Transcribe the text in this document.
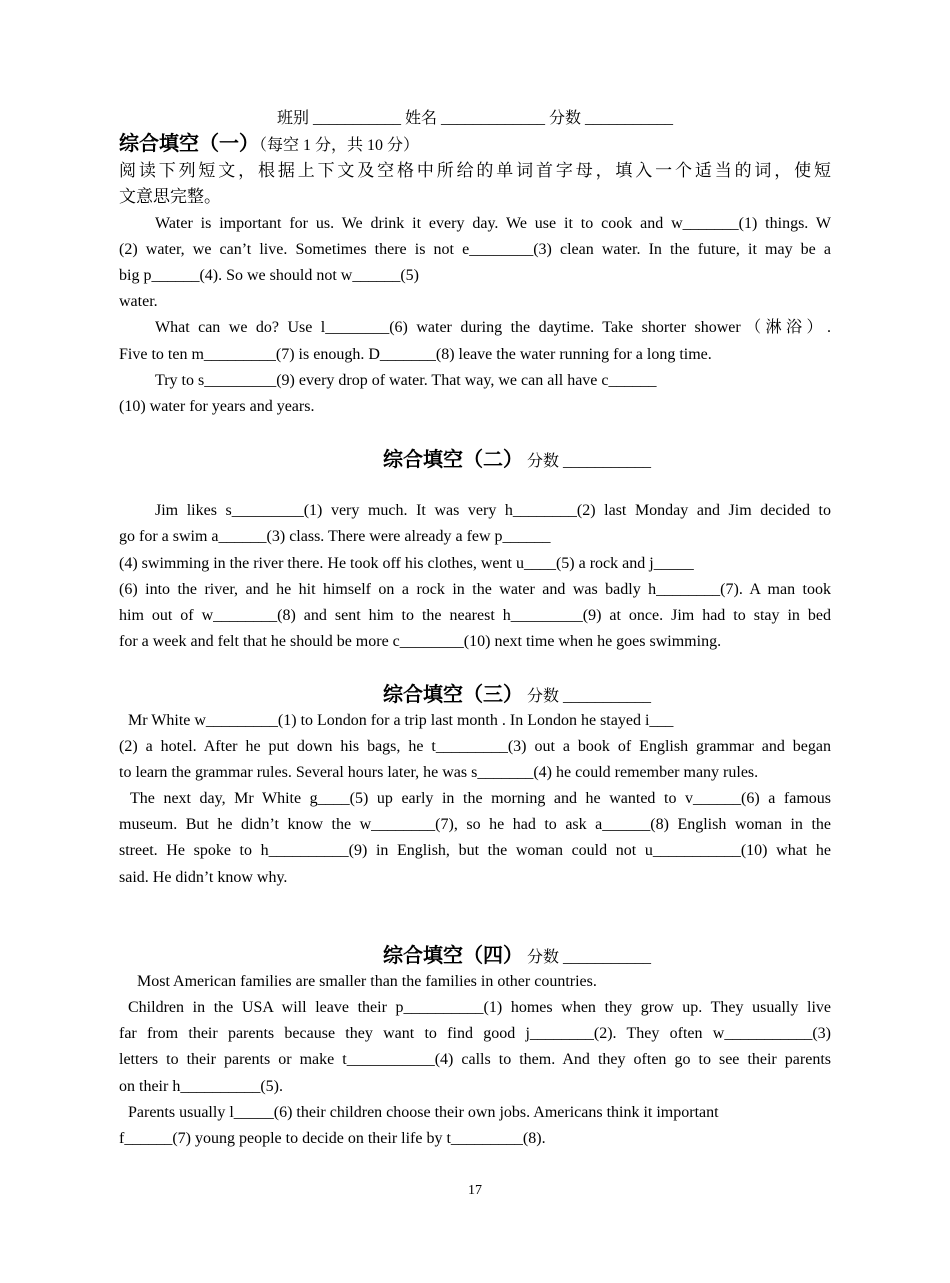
班别 ___________ 姓名 _____________ 分数 ___________
综合填空（一）（每空 1 分，共 10 分）
阅读下列短文，根据上下文及空格中所给的单词首字母，填入一个适当的词，使短
文意思完整。
Water is important for us. We drink it every day. We use it to cook and w_______(1) things. W
(2) water, we can’t live. Sometimes there is not e________(3) clean water. In the future, it may be a
big p______(4). So we should not w______(5)
water.
What can we do? Use l________(6) water during the daytime. Take shorter shower（淋浴）.
Five to ten m_________(7) is enough. D_______(8) leave the water running for a long time.
Try to s_________(9) every drop of water. That way, we can all have c______
(10) water for years and years.
综合填空（二） 分数 ___________
Jim likes s_________(1) very much. It was very h________(2) last Monday and Jim decided to
go for a swim a______(3) class. There were already a few p______
(4) swimming in the river there. He took off his clothes, went u____(5) a rock and j_____
(6) into the river, and he hit himself on a rock in the water and was badly h________(7). A man took
him out of w________(8) and sent him to the nearest h_________(9) at once. Jim had to stay in bed
for a week and felt that he should be more c________(10) next time when he goes swimming.
综合填空（三） 分数 ___________
Mr White w_________(1) to London for a trip last month . In London he stayed i___
(2) a hotel. After he put down his bags, he t_________(3) out a book of English grammar and began
to learn the grammar rules. Several hours later, he was s_______(4) he could remember many rules.
The next day, Mr White g____(5) up early in the morning and he wanted to v______(6) a famous
museum. But he didn’t know the w________(7), so he had to ask a______(8) English woman in the
street. He spoke to h__________(9) in English, but the woman could not u___________(10) what he
said. He didn’t know why.
综合填空（四） 分数 ___________
Most American families are smaller than the families in other countries.
Children in the USA will leave their p__________(1) homes when they grow up. They usually live
far from their parents because they want to find good j________(2). They often w___________(3)
letters to their parents or make t___________(4) calls to them. And they often go to see their parents
on their h__________(5).
Parents usually l_____(6) their children choose their own jobs. Americans think it important
f______(7) young people to decide on their life by t_________(8).
17
